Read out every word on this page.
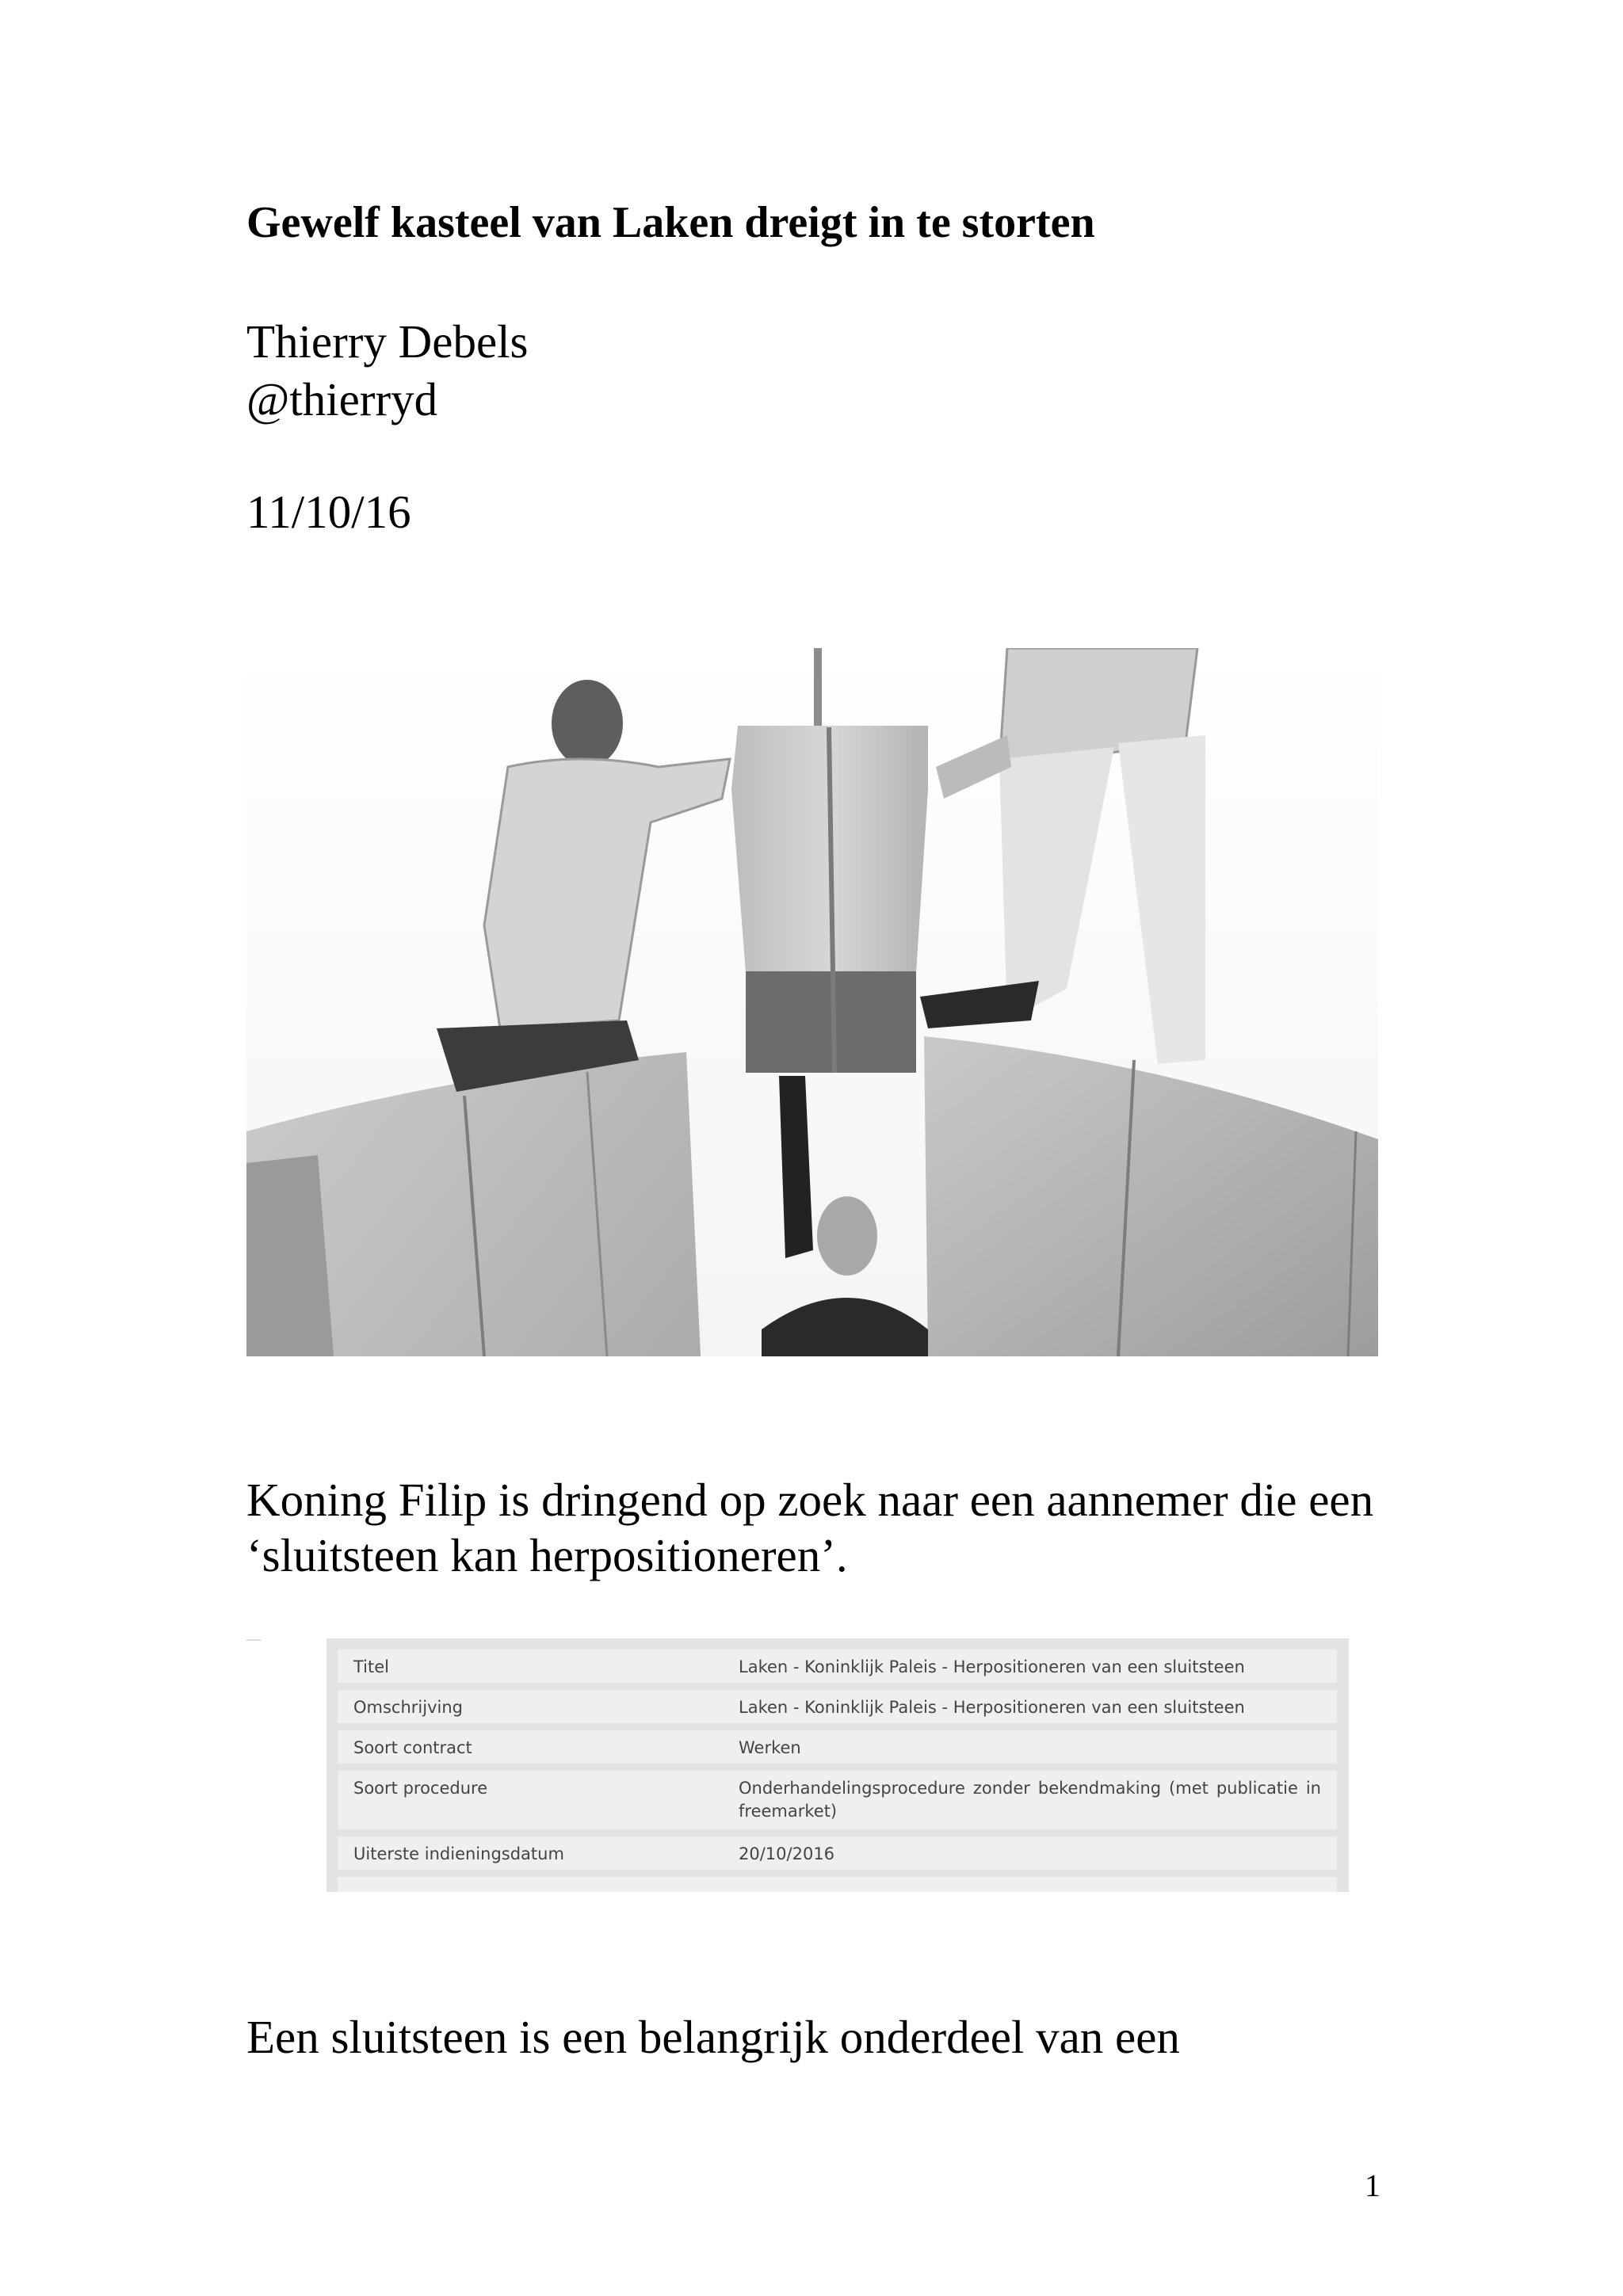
Gewelf kasteel van Laken dreigt in te storten
Thierry Debels
@thierryd
11/10/16
Koning Filip is dringend op zoek naar een aannemer die een ‘sluitsteen kan herpositioneren’.
Titel	Laken - Koninklijk Paleis - Herpositioneren van een sluitsteen
Omschrijving	Laken - Koninklijk Paleis - Herpositioneren van een sluitsteen
Soort contract	Werken
Soort procedure	Onderhandelingsprocedure zonder bekendmaking (met publicatie in freemarket)
Uiterste indieningsdatum	20/10/2016
Een sluitsteen is een belangrijk onderdeel van een
1
